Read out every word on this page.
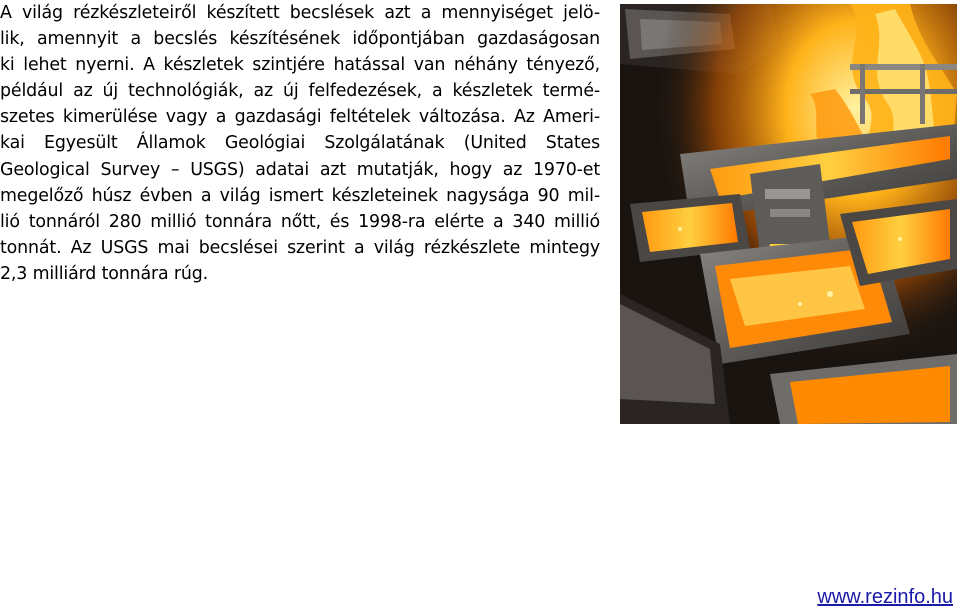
A világ rézkészleteiről készített becslések azt a mennyiséget jelö-
lik, amennyit a becslés készítésének időpontjában gazdaságosan
ki lehet nyerni. A készletek szintjére hatással van néhány tényező,
például az új technológiák, az új felfedezések, a készletek termé-
szetes kimerülése vagy a gazdasági feltételek változása. Az Ameri-
kai Egyesült Államok Geológiai Szolgálatának (United States
Geological Survey – USGS) adatai azt mutatják, hogy az 1970-et
megelőző húsz évben a világ ismert készleteinek nagysága 90 mil-
lió tonnáról 280 millió tonnára nőtt, és 1998-ra elérte a 340 millió
tonnát. Az USGS mai becslései szerint a világ rézkészlete mintegy
2,3 milliárd tonnára rúg.
www.rezinfo.hu
